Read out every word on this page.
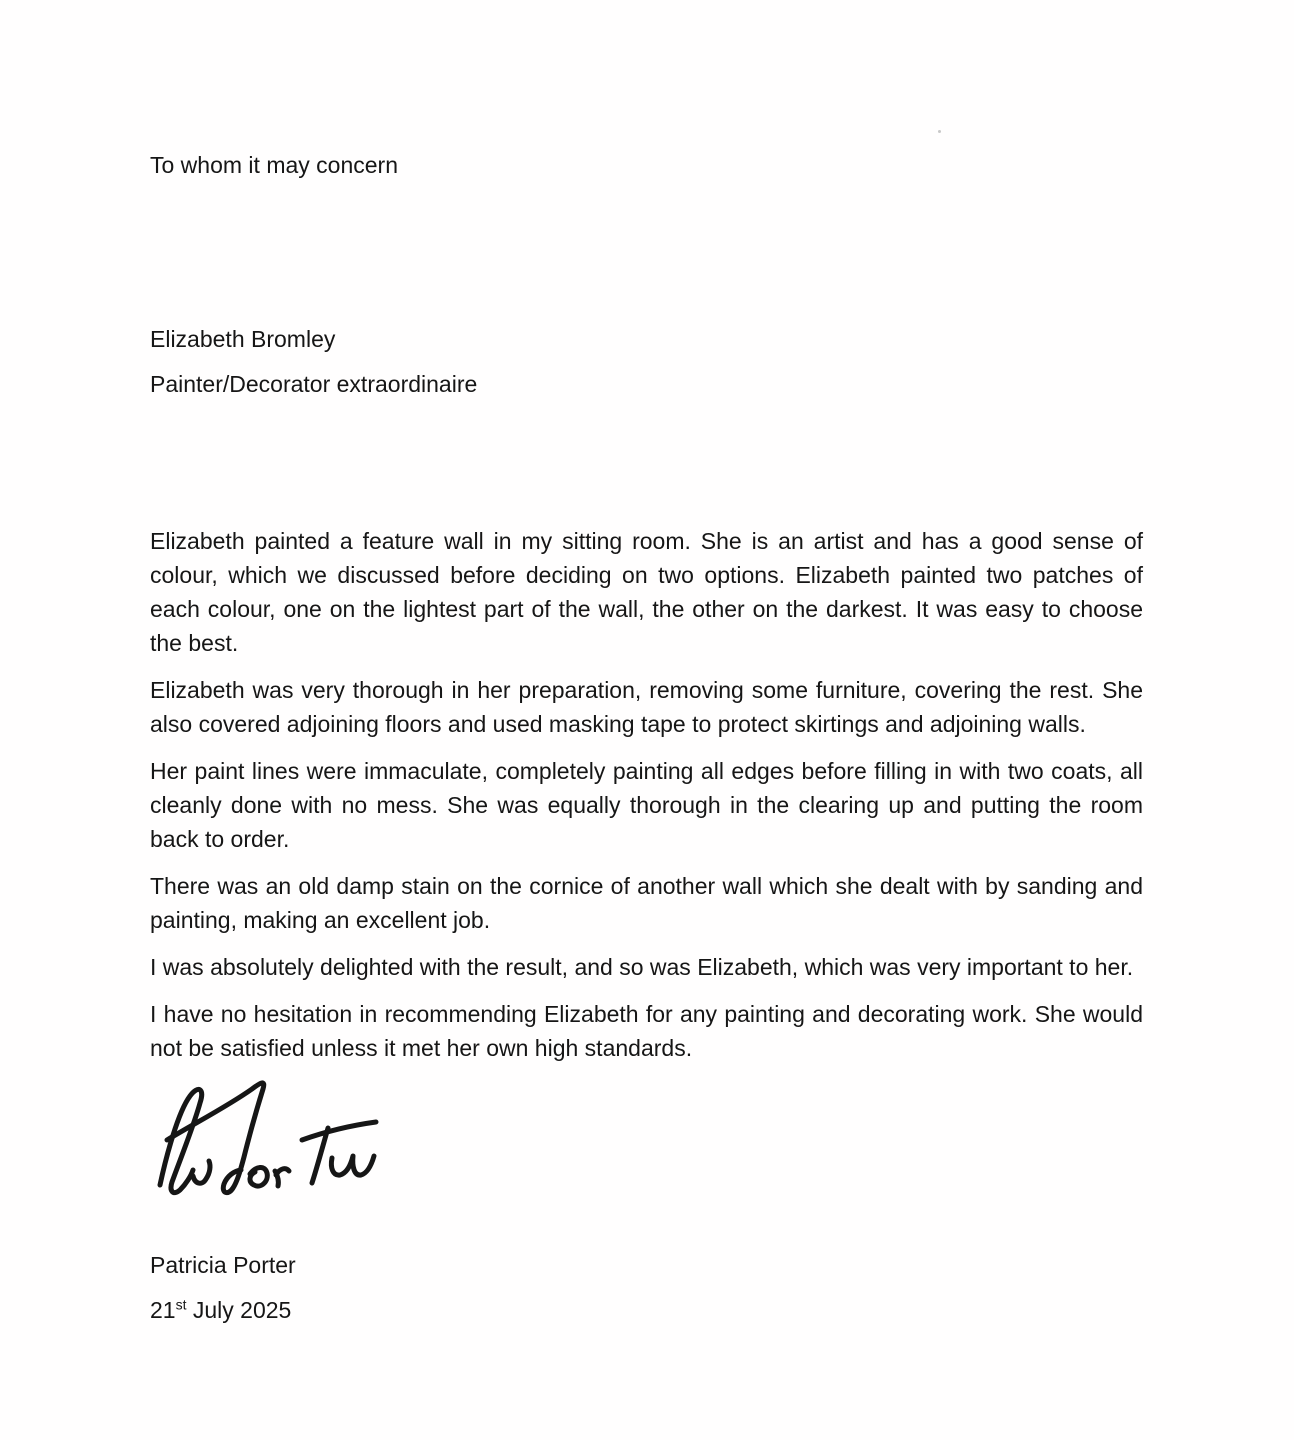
To whom it may concern
Elizabeth Bromley
Painter/Decorator extraordinaire

Elizabeth painted a feature wall in my sitting room. She is an artist and has a good sense of colour, which we discussed before deciding on two options. Elizabeth painted two patches of each colour, one on the lightest part of the wall, the other on the darkest. It was easy to choose the best.

Elizabeth was very thorough in her preparation, removing some furniture, covering the rest. She also covered adjoining floors and used masking tape to protect skirtings and adjoining walls.

Her paint lines were immaculate, completely painting all edges before filling in with two coats, all cleanly done with no mess. She was equally thorough in the clearing up and putting the room back to order.

There was an old damp stain on the cornice of another wall which she dealt with by sanding and painting, making an excellent job.

I was absolutely delighted with the result, and so was Elizabeth, which was very important to her.

I have no hesitation in recommending Elizabeth for any painting and decorating work. She would not be satisfied unless it met her own high standards.

Patricia Porter
21st July 2025
